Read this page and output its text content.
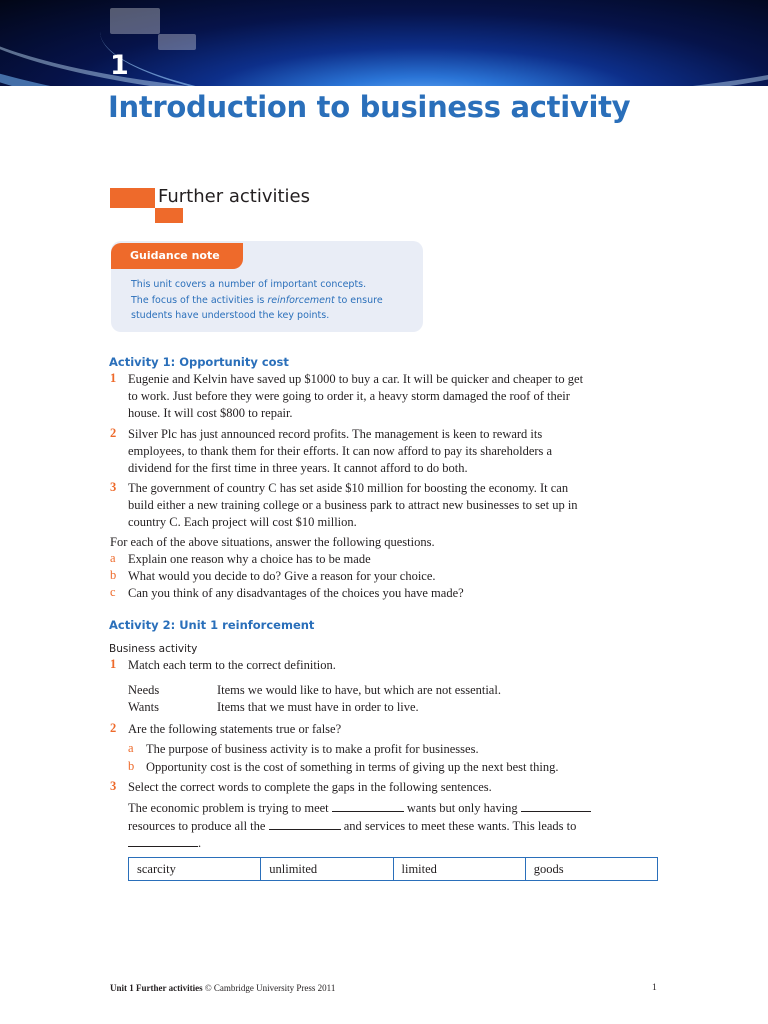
1
Introduction to business activity
Further activities
Guidance note
This unit covers a number of important concepts.
The focus of the activities is reinforcement to ensure
students have understood the key points.
Activity 1: Opportunity cost
1 Eugenie and Kelvin have saved up $1000 to buy a car. It will be quicker and cheaper to get
to work. Just before they were going to order it, a heavy storm damaged the roof of their
house. It will cost $800 to repair.
2 Silver Plc has just announced record profits. The management is keen to reward its
employees, to thank them for their efforts. It can now afford to pay its shareholders a
dividend for the first time in three years. It cannot afford to do both.
3 The government of country C has set aside $10 million for boosting the economy. It can
build either a new training college or a business park to attract new businesses to set up in
country C. Each project will cost $10 million.
For each of the above situations, answer the following questions.
a Explain one reason why a choice has to be made
b What would you decide to do? Give a reason for your choice.
c Can you think of any disadvantages of the choices you have made?
Activity 2: Unit 1 reinforcement
Business activity
1 Match each term to the correct definition.
Needs	Items we would like to have, but which are not essential.
Wants	Items that we must have in order to live.
2 Are the following statements true or false?
a The purpose of business activity is to make a profit for businesses.
b Opportunity cost is the cost of something in terms of giving up the next best thing.
3 Select the correct words to complete the gaps in the following sentences.
The economic problem is trying to meet	wants but only having
resources to produce all the	and services to meet these wants. This leads to
.
scarcity	unlimited	limited	goods
Unit 1 Further activities © Cambridge University Press 2011	1
